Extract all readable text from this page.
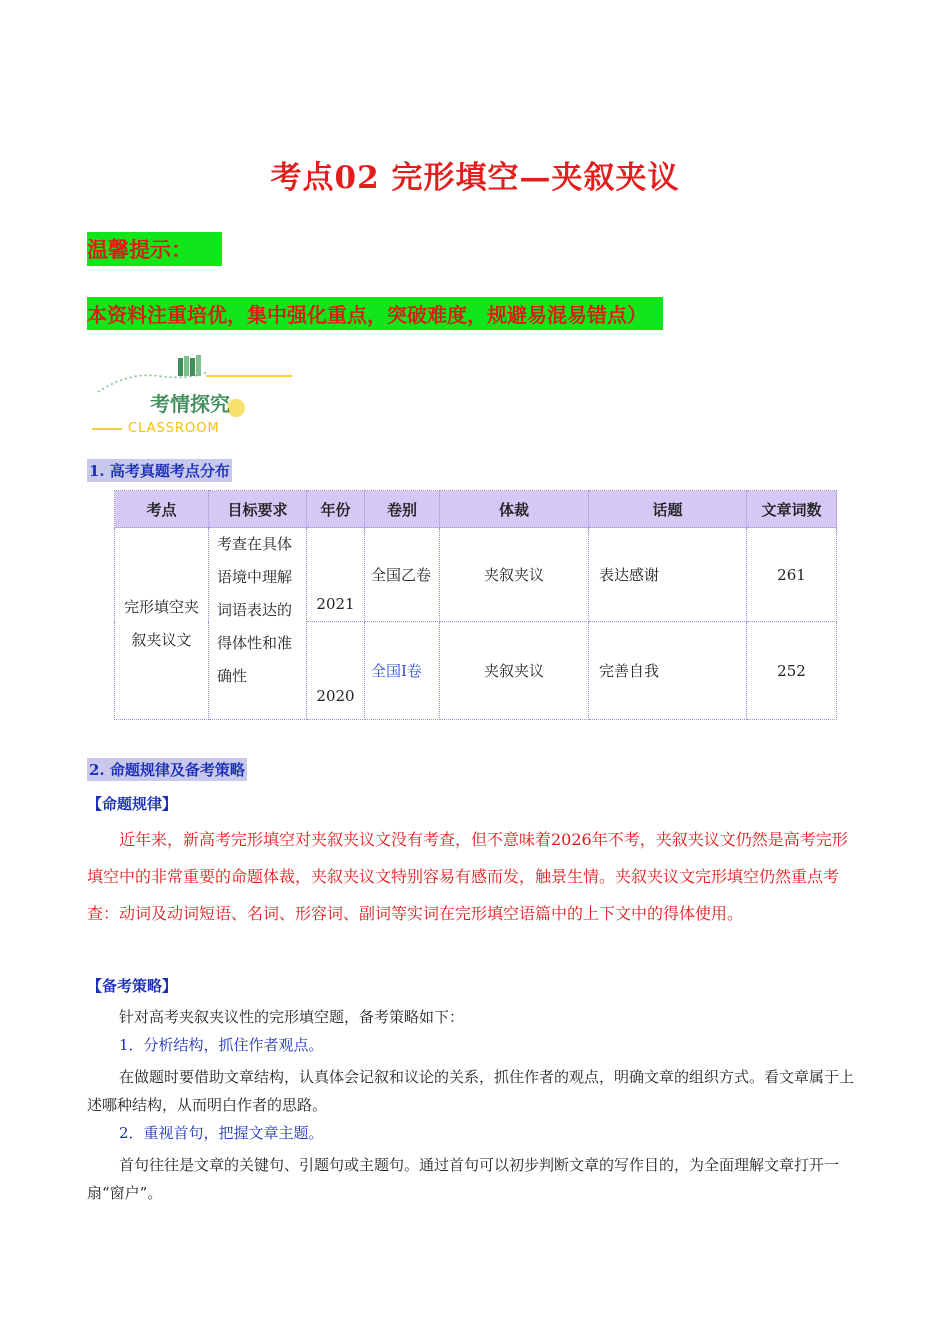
考点02 完形填空—夹叙夹议
温馨提示：
本资料注重培优，集中强化重点，突破难度，规避易混易错点）
考情探究
CLASSROOM
1. 高考真题考点分布
考点	目标要求	年份	卷别	体裁	话题	文章词数
完形填空夹叙夹议文	考查在具体语境中理解词语表达的得体性和准确性	2021	全国乙卷	夹叙夹议	表达感谢	261
		2020	全国I卷	夹叙夹议	完善自我	252
2. 命题规律及备考策略
【命题规律】
近年来，新高考完形填空对夹叙夹议文没有考查，但不意味着2026年不考，夹叙夹议文仍然是高考完形填空中的非常重要的命题体裁，夹叙夹议文特别容易有感而发，触景生情。夹叙夹议文完形填空仍然重点考查：动词及动词短语、名词、形容词、副词等实词在完形填空语篇中的上下文中的得体使用。
【备考策略】
针对高考夹叙夹议性的完形填空题，备考策略如下：
1．分析结构，抓住作者观点。
在做题时要借助文章结构，认真体会记叙和议论的关系，抓住作者的观点，明确文章的组织方式。看文章属于上述哪种结构，从而明白作者的思路。
2．重视首句，把握文章主题。
首句往往是文章的关键句、引题句或主题句。通过首句可以初步判断文章的写作目的，为全面理解文章打开一扇“窗户”。
